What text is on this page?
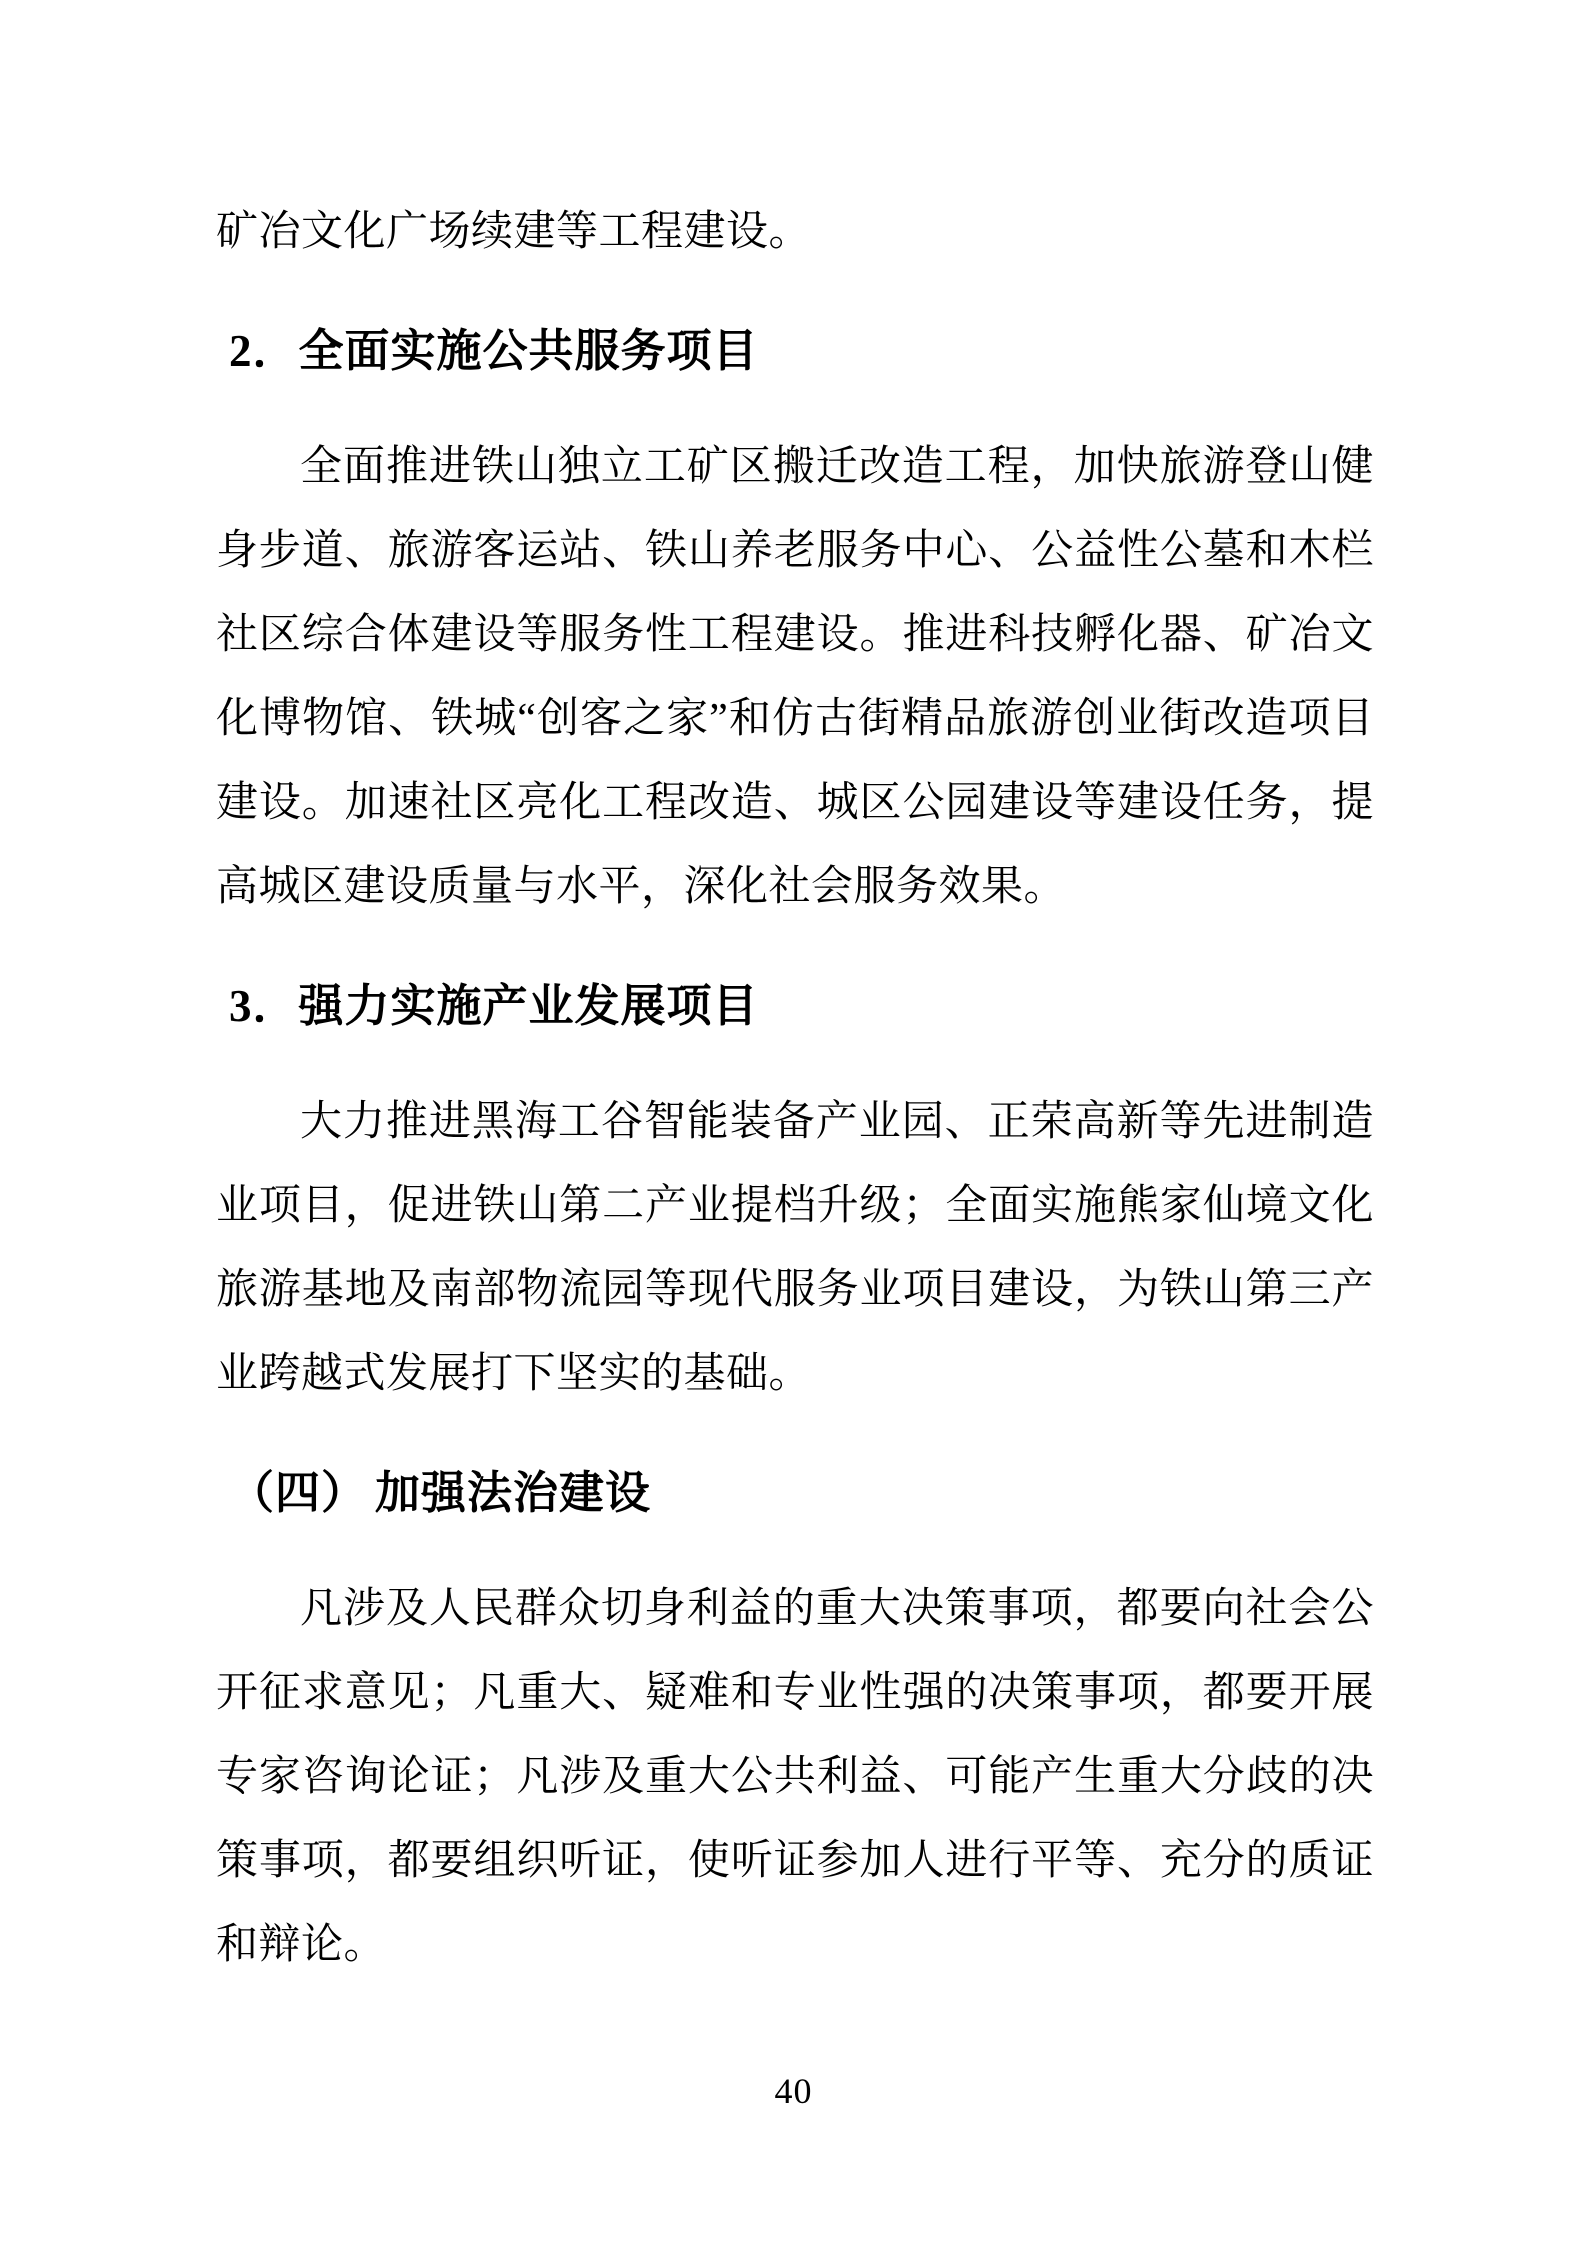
矿冶文化广场续建等工程建设。

2．全面实施公共服务项目

全面推进铁山独立工矿区搬迁改造工程，加快旅游登山健身步道、旅游客运站、铁山养老服务中心、公益性公墓和木栏社区综合体建设等服务性工程建设。推进科技孵化器、矿冶文化博物馆、铁城“创客之家”和仿古街精品旅游创业街改造项目建设。加速社区亮化工程改造、城区公园建设等建设任务，提高城区建设质量与水平，深化社会服务效果。

3．强力实施产业发展项目

大力推进黑海工谷智能装备产业园、正荣高新等先进制造业项目，促进铁山第二产业提档升级；全面实施熊家仙境文化旅游基地及南部物流园等现代服务业项目建设，为铁山第三产业跨越式发展打下坚实的基础。

（四） 加强法治建设

凡涉及人民群众切身利益的重大决策事项，都要向社会公开征求意见；凡重大、疑难和专业性强的决策事项，都要开展专家咨询论证；凡涉及重大公共利益、可能产生重大分歧的决策事项，都要组织听证，使听证参加人进行平等、充分的质证和辩论。

40
